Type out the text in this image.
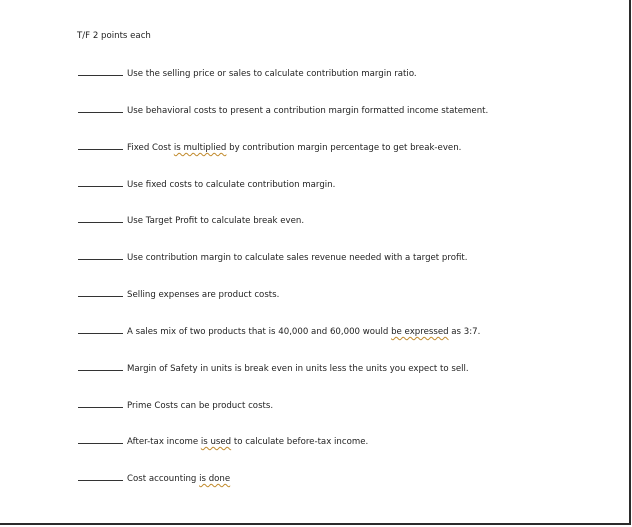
T/F 2 points each
Use the selling price or sales to calculate contribution margin ratio.
Use behavioral costs to present a contribution margin formatted income statement.
Fixed Cost is multiplied by contribution margin percentage to get break-even.
Use fixed costs to calculate contribution margin.
Use Target Profit to calculate break even.
Use contribution margin to calculate sales revenue needed with a target profit.
Selling expenses are product costs.
A sales mix of two products that is 40,000 and 60,000 would be expressed as 3:7.
Margin of Safety in units is break even in units less the units you expect to sell.
Prime Costs can be product costs.
After-tax income is used to calculate before-tax income.
Cost accounting is done
